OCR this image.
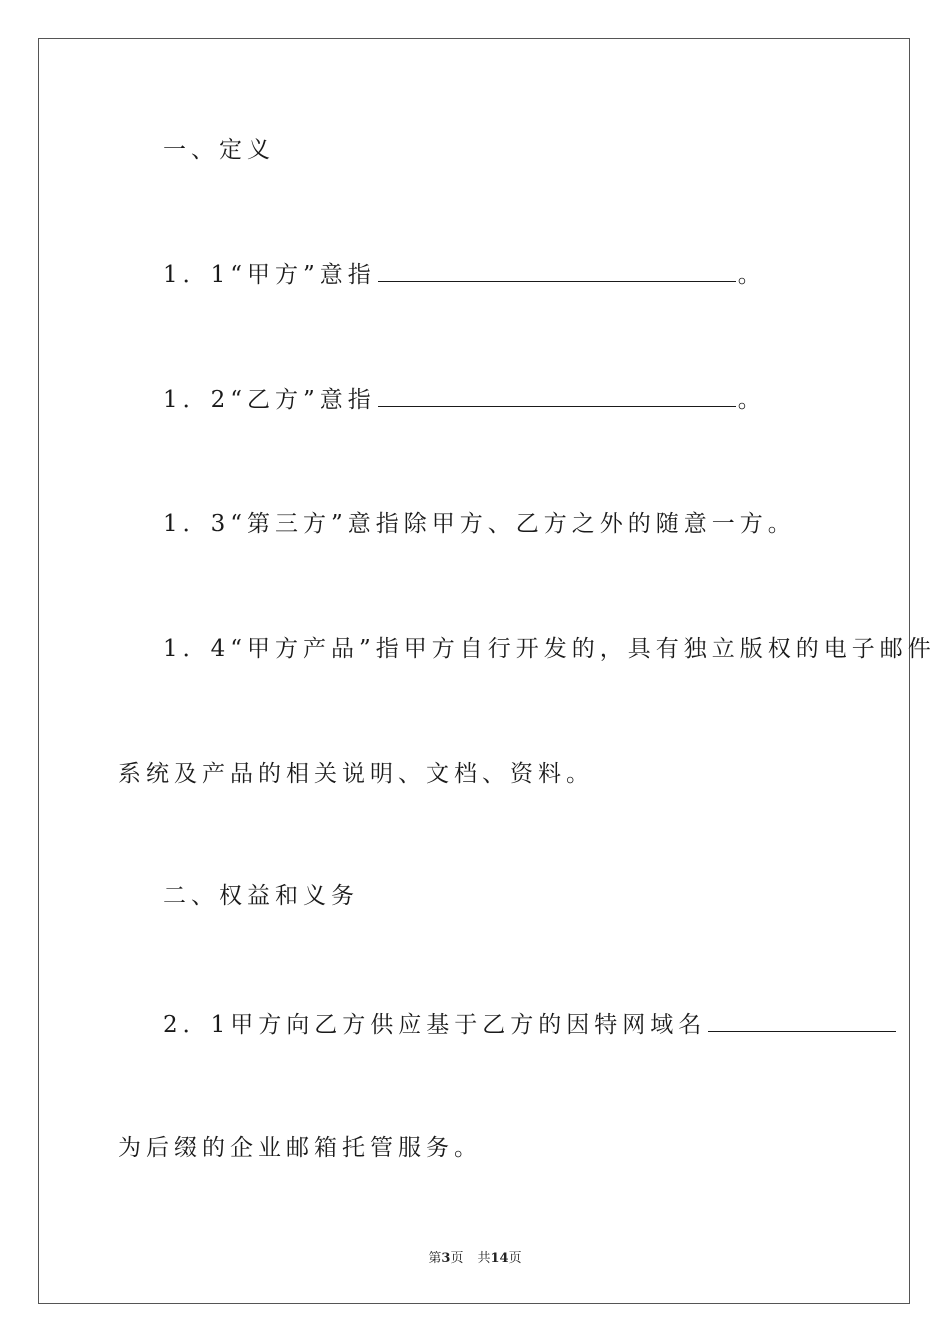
一、定义
1．1“甲方”意指	。
1．2“乙方”意指	。
1．3“第三方”意指除甲方、乙方之外的随意一方。
1．4“甲方产品”指甲方自行开发的，具有独立版权的电子邮件
系统及产品的相关说明、文档、资料。
二、权益和义务
2．1甲方向乙方供应基于乙方的因特网域名
为后缀的企业邮箱托管服务。
第3页 共14页
